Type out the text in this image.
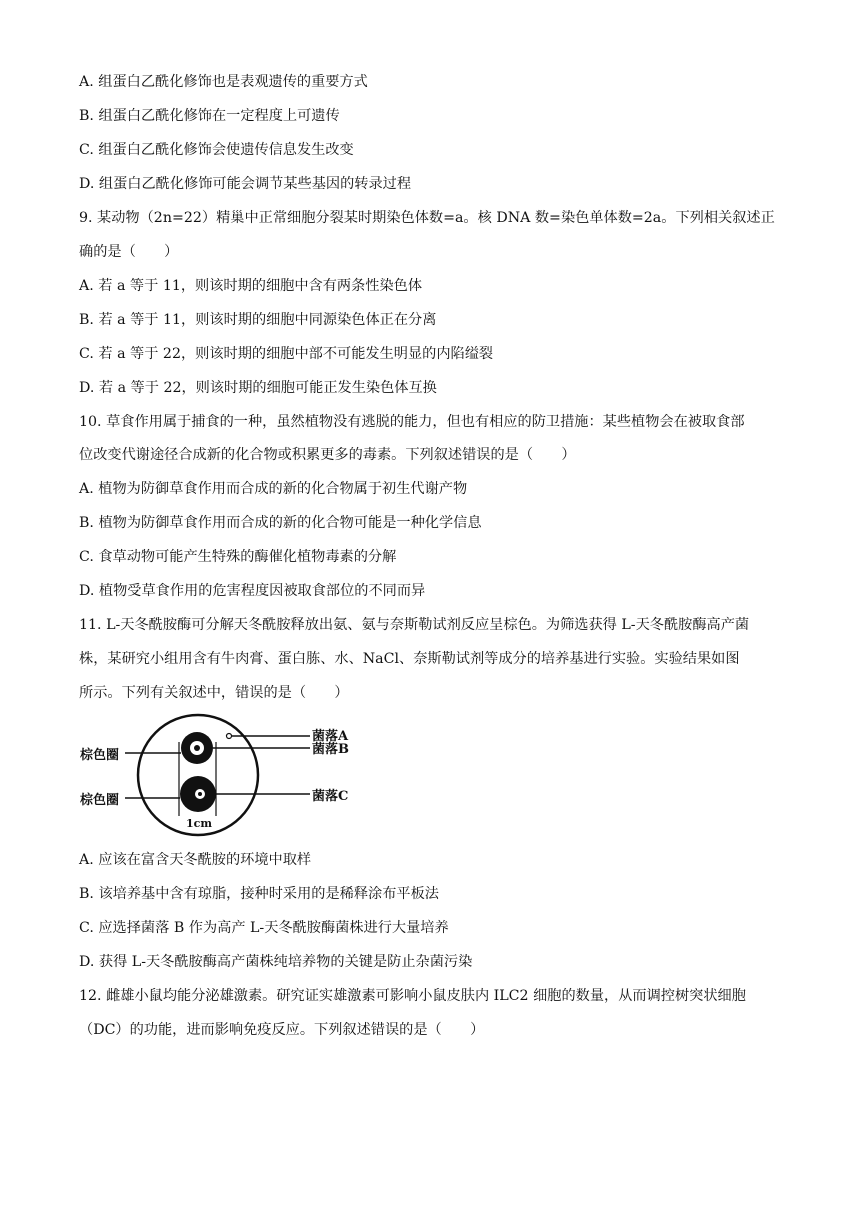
A. 组蛋白乙酰化修饰也是表观遗传的重要方式
B. 组蛋白乙酰化修饰在一定程度上可遗传
C. 组蛋白乙酰化修饰会使遗传信息发生改变
D. 组蛋白乙酰化修饰可能会调节某些基因的转录过程
9. 某动物（2n=22）精巢中正常细胞分裂某时期染色体数=a。核 DNA 数=染色单体数=2a。下列相关叙述正
确的是（　　）
A. 若 a 等于 11，则该时期的细胞中含有两条性染色体
B. 若 a 等于 11，则该时期的细胞中同源染色体正在分离
C. 若 a 等于 22，则该时期的细胞中部不可能发生明显的内陷缢裂
D. 若 a 等于 22，则该时期的细胞可能正发生染色体互换
10. 草食作用属于捕食的一种，虽然植物没有逃脱的能力，但也有相应的防卫措施：某些植物会在被取食部
位改变代谢途径合成新的化合物或积累更多的毒素。下列叙述错误的是（　　）
A. 植物为防御草食作用而合成的新的化合物属于初生代谢产物
B. 植物为防御草食作用而合成的新的化合物可能是一种化学信息
C. 食草动物可能产生特殊的酶催化植物毒素的分解
D. 植物受草食作用的危害程度因被取食部位的不同而异
11. L-天冬酰胺酶可分解天冬酰胺释放出氨、氨与奈斯勒试剂反应呈棕色。为筛选获得 L-天冬酰胺酶高产菌
株，某研究小组用含有牛肉膏、蛋白胨、水、NaCl、奈斯勒试剂等成分的培养基进行实验。实验结果如图
所示。下列有关叙述中，错误的是（　　）
棕色圈
棕色圈
菌落A
菌落B
菌落C
1cm
A. 应该在富含天冬酰胺的环境中取样
B. 该培养基中含有琼脂，接种时采用的是稀释涂布平板法
C. 应选择菌落 B 作为高产 L-天冬酰胺酶菌株进行大量培养
D. 获得 L-天冬酰胺酶高产菌株纯培养物的关键是防止杂菌污染
12. 雌雄小鼠均能分泌雄激素。研究证实雄激素可影响小鼠皮肤内 ILC2 细胞的数量，从而调控树突状细胞
（DC）的功能，进而影响免疫反应。下列叙述错误的是（　　）
